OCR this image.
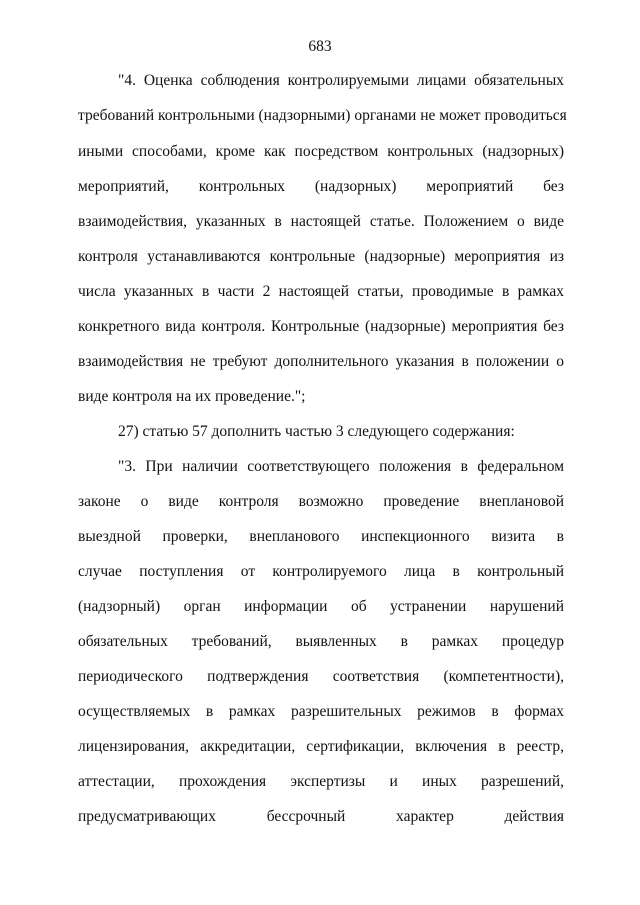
683
"4. Оценка соблюдения контролируемыми лицами обязательных
требований контрольными (надзорными) органами не может проводиться
иными способами, кроме как посредством контрольных (надзорных)
мероприятий, контрольных (надзорных) мероприятий без
взаимодействия, указанных в настоящей статье. Положением о виде
контроля устанавливаются контрольные (надзорные) мероприятия из
числа указанных в части 2 настоящей статьи, проводимые в рамках
конкретного вида контроля. Контрольные (надзорные) мероприятия без
взаимодействия не требуют дополнительного указания в положении о
виде контроля на их проведение.";
27) статью 57 дополнить частью 3 следующего содержания:
"3. При наличии соответствующего положения в федеральном
законе о виде контроля возможно проведение внеплановой
выездной проверки, внепланового инспекционного визита в
случае поступления от контролируемого лица в контрольный
(надзорный) орган информации об устранении нарушений
обязательных требований, выявленных в рамках процедур
периодического подтверждения соответствия (компетентности),
осуществляемых в рамках разрешительных режимов в формах
лицензирования, аккредитации, сертификации, включения в реестр,
аттестации, прохождения экспертизы и иных разрешений,
предусматривающих бессрочный характер действия
